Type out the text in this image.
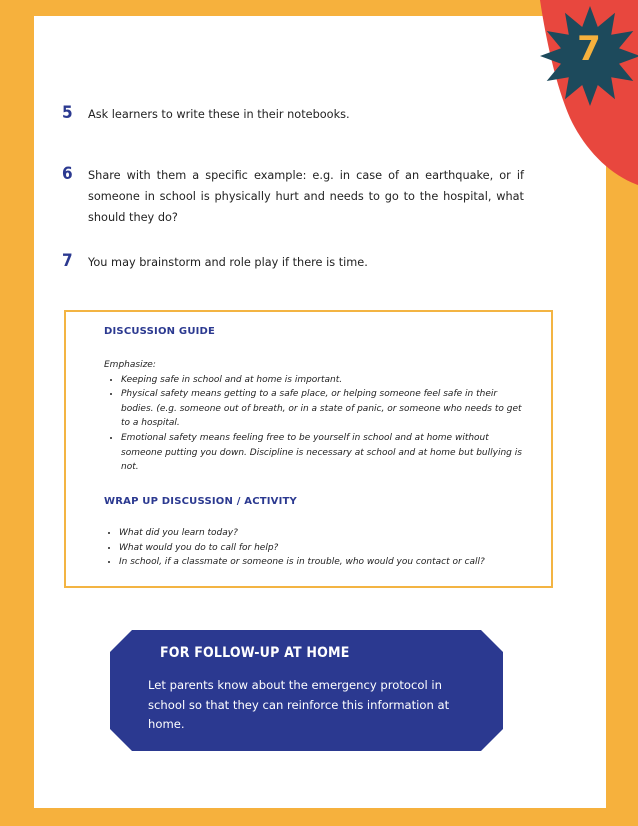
7
5 Ask learners to write these in their notebooks.
6 Share with them a specific example: e.g. in case of an earthquake, or if someone in school is physically hurt and needs to go to the hospital, what should they do?
7 You may brainstorm and role play if there is time.
DISCUSSION GUIDE
Emphasize:
• Keeping safe in school and at home is important.
• Physical safety means getting to a safe place, or helping someone feel safe in their bodies. (e.g. someone out of breath, or in a state of panic, or someone who needs to get to a hospital.
• Emotional safety means feeling free to be yourself in school and at home without someone putting you down. Discipline is necessary at school and at home but bullying is not.
WRAP UP DISCUSSION / ACTIVITY
• What did you learn today?
• What would you do to call for help?
• In school, if a classmate or someone is in trouble, who would you contact or call?
FOR FOLLOW-UP AT HOME
Let parents know about the emergency protocol in school so that they can reinforce this information at home.
